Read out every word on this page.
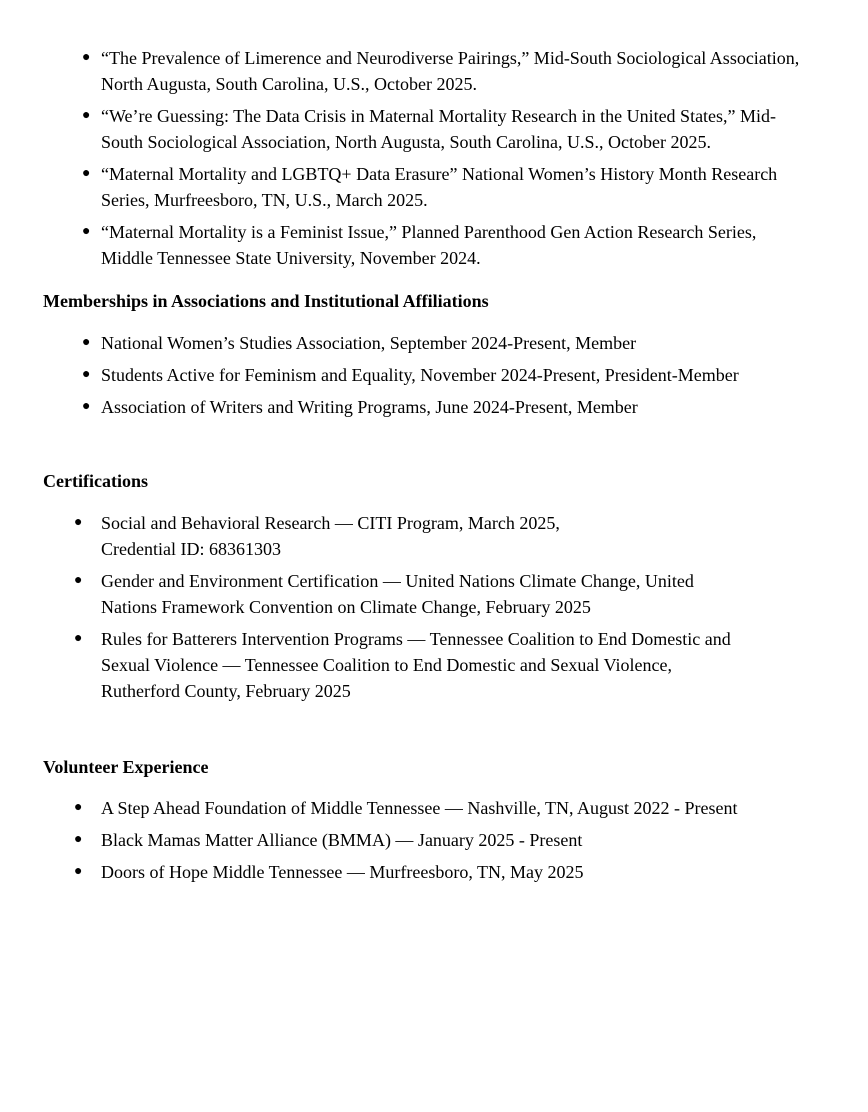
● “The Prevalence of Limerence and Neurodiverse Pairings,” Mid-South Sociological Association, North Augusta, South Carolina, U.S., October 2025.
● “We’re Guessing: The Data Crisis in Maternal Mortality Research in the United States,” Mid-South Sociological Association, North Augusta, South Carolina, U.S., October 2025.
● “Maternal Mortality and LGBTQ+ Data Erasure” National Women’s History Month Research Series, Murfreesboro, TN, U.S., March 2025.
● “Maternal Mortality is a Feminist Issue,” Planned Parenthood Gen Action Research Series, Middle Tennessee State University, November 2024.
Memberships in Associations and Institutional Affiliations
● National Women’s Studies Association, September 2024-Present, Member
● Students Active for Feminism and Equality, November 2024-Present, President-Member
● Association of Writers and Writing Programs, June 2024-Present, Member
Certifications
● Social and Behavioral Research — CITI Program, March 2025,
Credential ID: 68361303
● Gender and Environment Certification — United Nations Climate Change, United
Nations Framework Convention on Climate Change, February 2025
● Rules for Batterers Intervention Programs — Tennessee Coalition to End Domestic and
Sexual Violence — Tennessee Coalition to End Domestic and Sexual Violence,
Rutherford County, February 2025
Volunteer Experience
● A Step Ahead Foundation of Middle Tennessee — Nashville, TN, August 2022 - Present
● Black Mamas Matter Alliance (BMMA) — January 2025 - Present
● Doors of Hope Middle Tennessee — Murfreesboro, TN, May 2025
